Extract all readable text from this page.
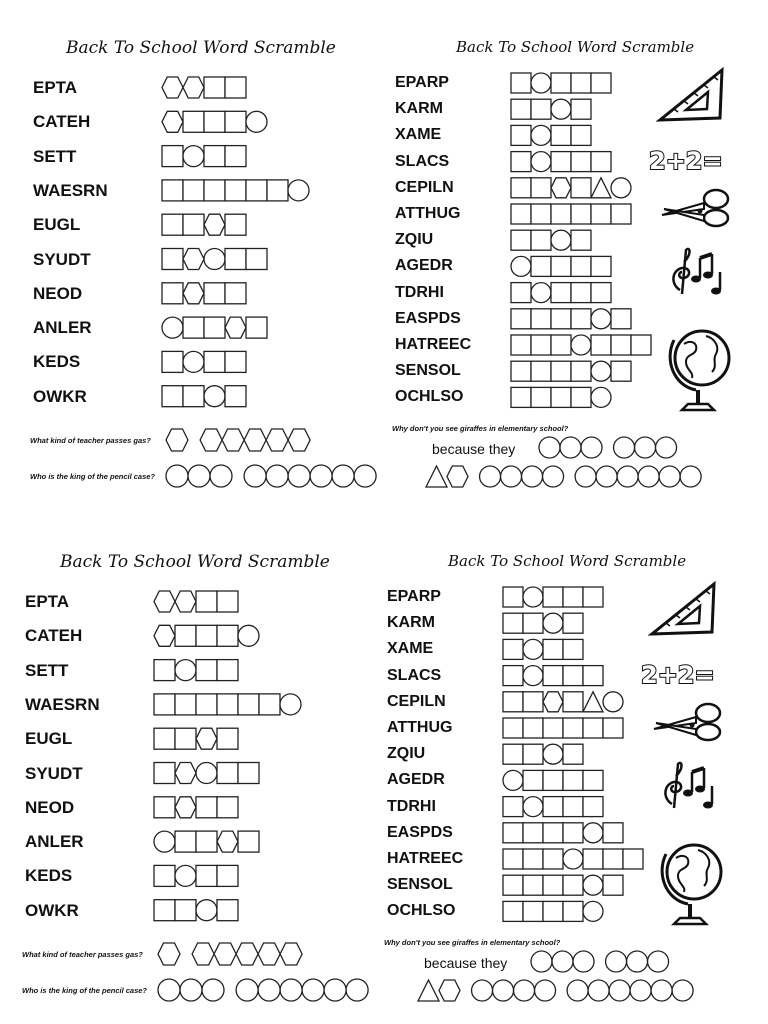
Back To School Word Scramble
What kind of teacher passes gas?
Who is the king of the pencil case?
EPTA
CATEH
SETT
WAESRN
EUGL
SYUDT
NEOD
ANLER
KEDS
OWKR
Back To School Word Scramble
Why don't you see giraffes in elementary school?
because they
2+2=
EPARP
KARM
XAME
SLACS
CEPILN
ATTHUG
ZQIU
AGEDR
TDRHI
EASPDS
HATREEC
SENSOL
OCHLSO
Back To School Word Scramble
What kind of teacher passes gas?
Who is the king of the pencil case?
EPTA
CATEH
SETT
WAESRN
EUGL
SYUDT
NEOD
ANLER
KEDS
OWKR
Back To School Word Scramble
Why don't you see giraffes in elementary school?
because they
2+2=
EPARP
KARM
XAME
SLACS
CEPILN
ATTHUG
ZQIU
AGEDR
TDRHI
EASPDS
HATREEC
SENSOL
OCHLSO
